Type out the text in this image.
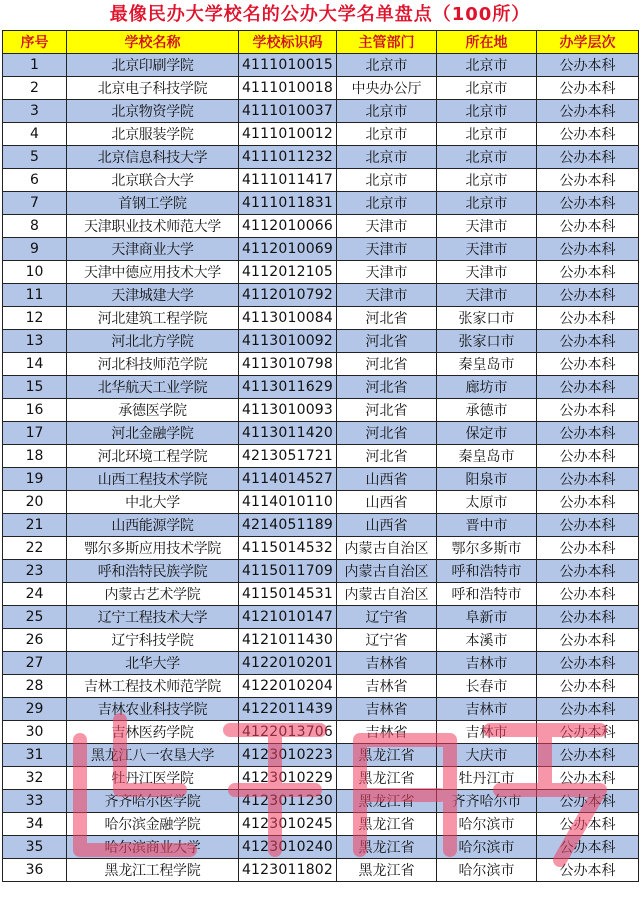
最像民办大学校名的公办大学名单盘点（100所）
序号	学校名称	学校标识码	主管部门	所在地	办学层次
1	北京印刷学院	4111010015	北京市	北京市	公办本科
2	北京电子科技学院	4111010018	中央办公厅	北京市	公办本科
3	北京物资学院	4111010037	北京市	北京市	公办本科
4	北京服装学院	4111010012	北京市	北京市	公办本科
5	北京信息科技大学	4111011232	北京市	北京市	公办本科
6	北京联合大学	4111011417	北京市	北京市	公办本科
7	首钢工学院	4111011831	北京市	北京市	公办本科
8	天津职业技术师范大学	4112010066	天津市	天津市	公办本科
9	天津商业大学	4112010069	天津市	天津市	公办本科
10	天津中德应用技术大学	4112012105	天津市	天津市	公办本科
11	天津城建大学	4112010792	天津市	天津市	公办本科
12	河北建筑工程学院	4113010084	河北省	张家口市	公办本科
13	河北北方学院	4113010092	河北省	张家口市	公办本科
14	河北科技师范学院	4113010798	河北省	秦皇岛市	公办本科
15	北华航天工业学院	4113011629	河北省	廊坊市	公办本科
16	承德医学院	4113010093	河北省	承德市	公办本科
17	河北金融学院	4113011420	河北省	保定市	公办本科
18	河北环境工程学院	4213051721	河北省	秦皇岛市	公办本科
19	山西工程技术学院	4114014527	山西省	阳泉市	公办本科
20	中北大学	4114010110	山西省	太原市	公办本科
21	山西能源学院	4214051189	山西省	晋中市	公办本科
22	鄂尔多斯应用技术学院	4115014532	内蒙古自治区	鄂尔多斯市	公办本科
23	呼和浩特民族学院	4115011709	内蒙古自治区	呼和浩特市	公办本科
24	内蒙古艺术学院	4115014531	内蒙古自治区	呼和浩特市	公办本科
25	辽宁工程技术大学	4121010147	辽宁省	阜新市	公办本科
26	辽宁科技学院	4121011430	辽宁省	本溪市	公办本科
27	北华大学	4122010201	吉林省	吉林市	公办本科
28	吉林工程技术师范学院	4122010204	吉林省	长春市	公办本科
29	吉林农业科技学院	4122011439	吉林省	吉林市	公办本科
30	吉林医药学院	4122013706	吉林省	吉林市	公办本科
31	黑龙江八一农垦大学	4123010223	黑龙江省	大庆市	公办本科
32	牡丹江医学院	4123010229	黑龙江省	牡丹江市	公办本科
33	齐齐哈尔医学院	4123011230	黑龙江省	齐齐哈尔市	公办本科
34	哈尔滨金融学院	4123010245	黑龙江省	哈尔滨市	公办本科
35	哈尔滨商业大学	4123010240	黑龙江省	哈尔滨市	公办本科
36	黑龙江工程学院	4123011802	黑龙江省	哈尔滨市	公办本科
